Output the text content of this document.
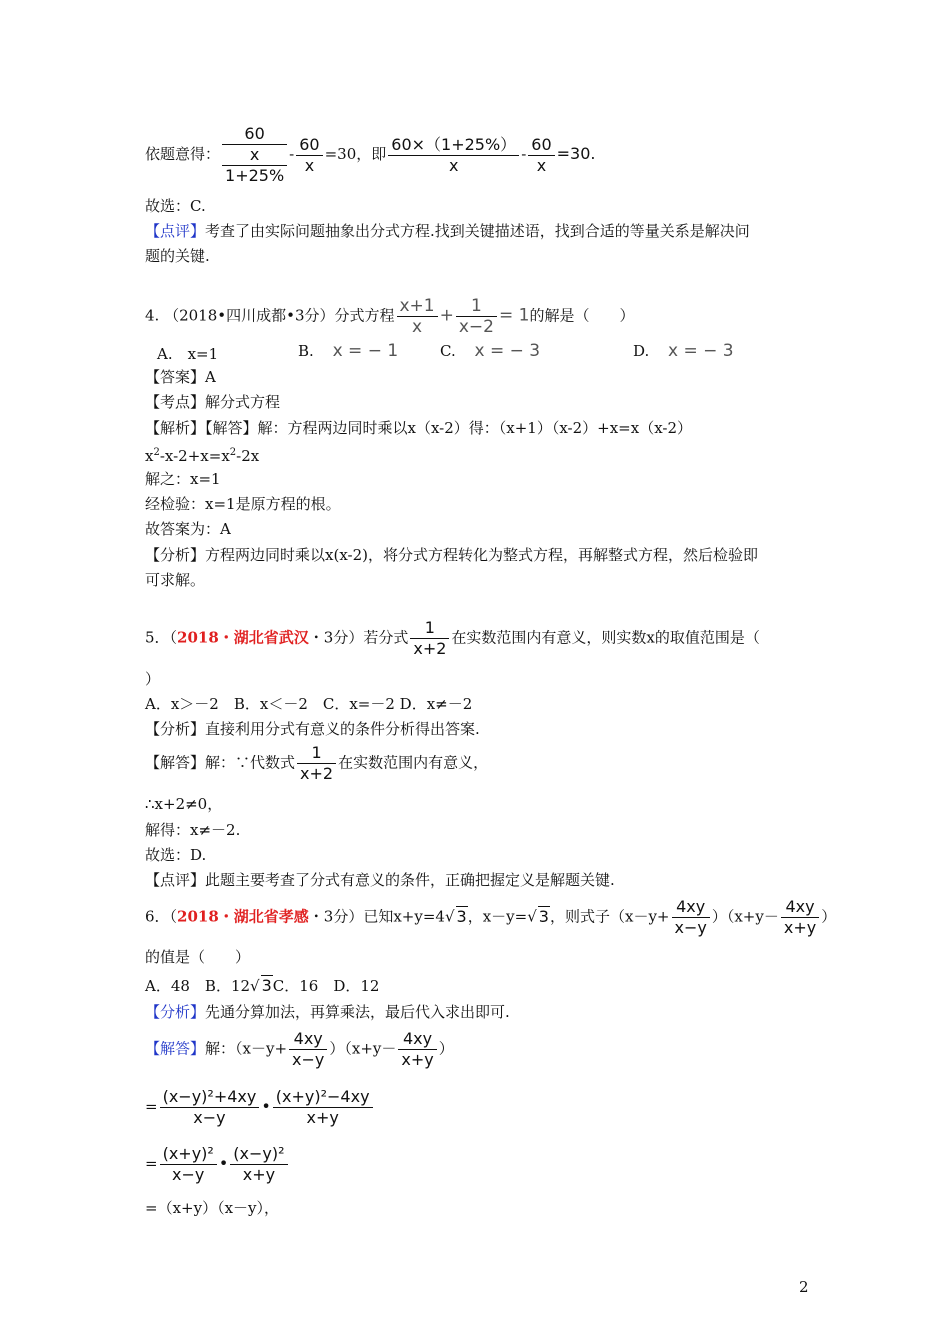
依题意得：
60
x
1+25%
- $\frac{60}{x} =30$，即 $\frac{60\times(1+25\%)}{x} - \frac{60}{x} =30$.
故选：C.
【点评】考查了由实际问题抽象出分式方程.找到关键描述语，找到合适的等量关系是解决问
题的关键.
4. （2018•四川成都•3分）分式方程 $\frac{x+1}{x} + \frac{1}{x-2} = 1$的解是（　　）
A.　x=1	B. x = − 1	C. x = − 3	D. x = − 3
【答案】A
【考点】解分式方程
【解析】【解答】解：方程两边同时乘以x（x-2）得：（x+1）（x-2）+x=x（x-2）
$x^2-x-2+x=x^2-2x$
解之：x=1
经检验：x=1是原方程的根。
故答案为：A
【分析】方程两边同时乘以x(x-2)，将分式方程转化为整式方程，再解整式方程，然后检验即
可求解。
5．（2018・湖北省武汉・3分）若分式 $\frac{1}{x+2}$ 在实数范围内有意义，则实数x的取值范围是（
）
A．x＞－2　B．x＜－2　C．x=－2 D．x≠－2
【分析】直接利用分式有意义的条件分析得出答案.
【解答】解：∵代数式 $\frac{1}{x+2}$ 在实数范围内有意义，
∴x+2≠0，
解得：x≠－2.
故选：D.
【点评】此题主要考查了分式有意义的条件，正确把握定义是解题关键.
6．（2018・湖北省孝感・3分）已知x+y=4√ 3，x－y=√ 3，则式子$(x-y+ \frac{4xy}{x-y} )(x+y- \frac{4xy}{x+y}$ ）
的值是（　　）
A．48　B．12√ 3C．16　D．12
【分析】先通分算加法，再算乘法，最后代入求出即可.
【解答】解：$(x-y+ \frac{4xy}{x-y} )(x+y- \frac{4xy}{x+y}$ ）
= $\frac{\text{(x−y)²+4xy}}{x-y}$ • $\frac{\text{(x+y)²−4xy}}{x+y}$
= $\frac{\text{(x+y)²}}{x-y}$ • $\frac{\text{(x−y)²}}{x+y}$
=（x+y）（x－y），
2
